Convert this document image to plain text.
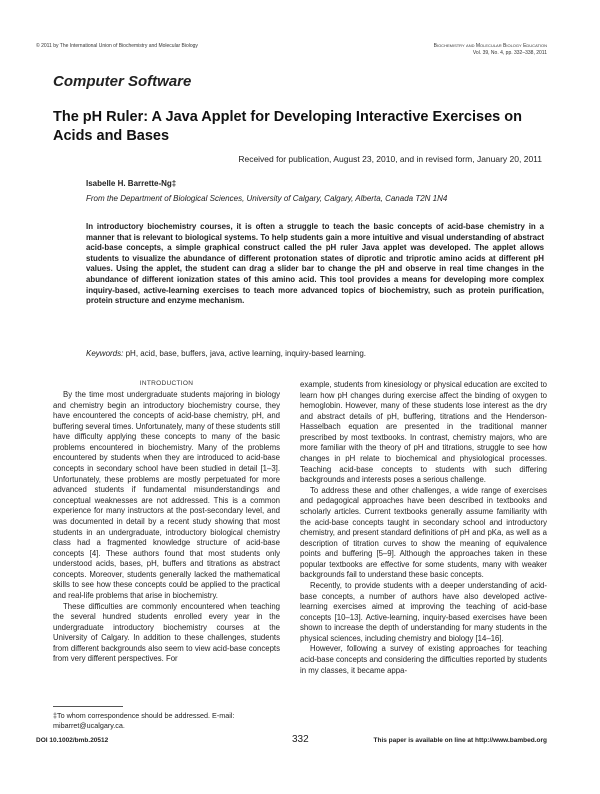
© 2011 by The International Union of Biochemistry and Molecular Biology	Biochemistry and Molecular Biology Education
Vol. 39, No. 4, pp. 332–338, 2011
Computer Software
The pH Ruler: A Java Applet for Developing Interactive Exercises on Acids and Bases
Received for publication, August 23, 2010, and in revised form, January 20, 2011
Isabelle H. Barrette-Ng‡
From the Department of Biological Sciences, University of Calgary, Calgary, Alberta, Canada T2N 1N4
In introductory biochemistry courses, it is often a struggle to teach the basic concepts of acid-base chemistry in a manner that is relevant to biological systems. To help students gain a more intuitive and visual understanding of abstract acid-base concepts, a simple graphical construct called the pH ruler Java applet was developed. The applet allows students to visualize the abundance of different protonation states of diprotic and triprotic amino acids at different pH values. Using the applet, the student can drag a slider bar to change the pH and observe in real time changes in the abundance of different ionization states of this amino acid. This tool provides a means for developing more complex inquiry-based, active-learning exercises to teach more advanced topics of biochemistry, such as protein purification, protein structure and enzyme mechanism.
Keywords: pH, acid, base, buffers, java, active learning, inquiry-based learning.
INTRODUCTION

By the time most undergraduate students majoring in biology and chemistry begin an introductory biochemistry course, they have encountered the concepts of acid-base chemistry, pH, and buffering several times. Unfortunately, many of these students still have difficulty applying these concepts to many of the basic problems encountered in biochemistry. Many of the problems encountered by students when they are introduced to acid-base concepts in secondary school have been studied in detail [1–3]. Unfortunately, these problems are mostly perpetuated for more advanced students if fundamental misunderstandings and conceptual weaknesses are not addressed. This is a common experience for many instructors at the post-secondary level, and was documented in detail by a recent study showing that most students in an undergraduate, introductory biological chemistry class had a fragmented knowledge structure of acid-base concepts [4]. These authors found that most students only understood acids, bases, pH, buffers and titrations as abstract concepts. Moreover, students generally lacked the mathematical skills to see how these concepts could be applied to the practical and real-life problems that arise in biochemistry.

These difficulties are commonly encountered when teaching the several hundred students enrolled every year in the undergraduate introductory biochemistry courses at the University of Calgary. In addition to these challenges, students from different backgrounds also seem to view acid-base concepts from very different perspectives. For

example, students from kinesiology or physical education are excited to learn how pH changes during exercise affect the binding of oxygen to hemoglobin. However, many of these students lose interest as the dry and abstract details of pH, buffering, titrations and the Henderson-Hasselbach equation are presented in the traditional manner prescribed by most textbooks. In contrast, chemistry majors, who are more familiar with the theory of pH and titrations, struggle to see how changes in pH relate to biochemical and physiological processes. Teaching acid-base concepts to students with such differing backgrounds and interests poses a serious challenge.

To address these and other challenges, a wide range of exercises and pedagogical approaches have been described in textbooks and scholarly articles. Current textbooks generally assume familiarity with the acid-base concepts taught in secondary school and introductory chemistry, and present standard definitions of pH and pKa, as well as a description of titration curves to show the meaning of equivalence points and buffering [5–9]. Although the approaches taken in these popular textbooks are effective for some students, many with weaker backgrounds fail to understand these basic concepts.

Recently, to provide students with a deeper understanding of acid-base concepts, a number of authors have also developed active-learning exercises aimed at improving the teaching of acid-base concepts [10–13]. Active-learning, inquiry-based exercises have been shown to increase the depth of understanding for many students in the physical sciences, including chemistry and biology [14–16].

However, following a survey of existing approaches for teaching acid-base concepts and considering the difficulties reported by students in my classes, it became appa-

‡To whom correspondence should be addressed. E-mail: mibarret@ucalgary.ca.
DOI 10.1002/bmb.20512	332	This paper is available on line at http://www.bambed.org
